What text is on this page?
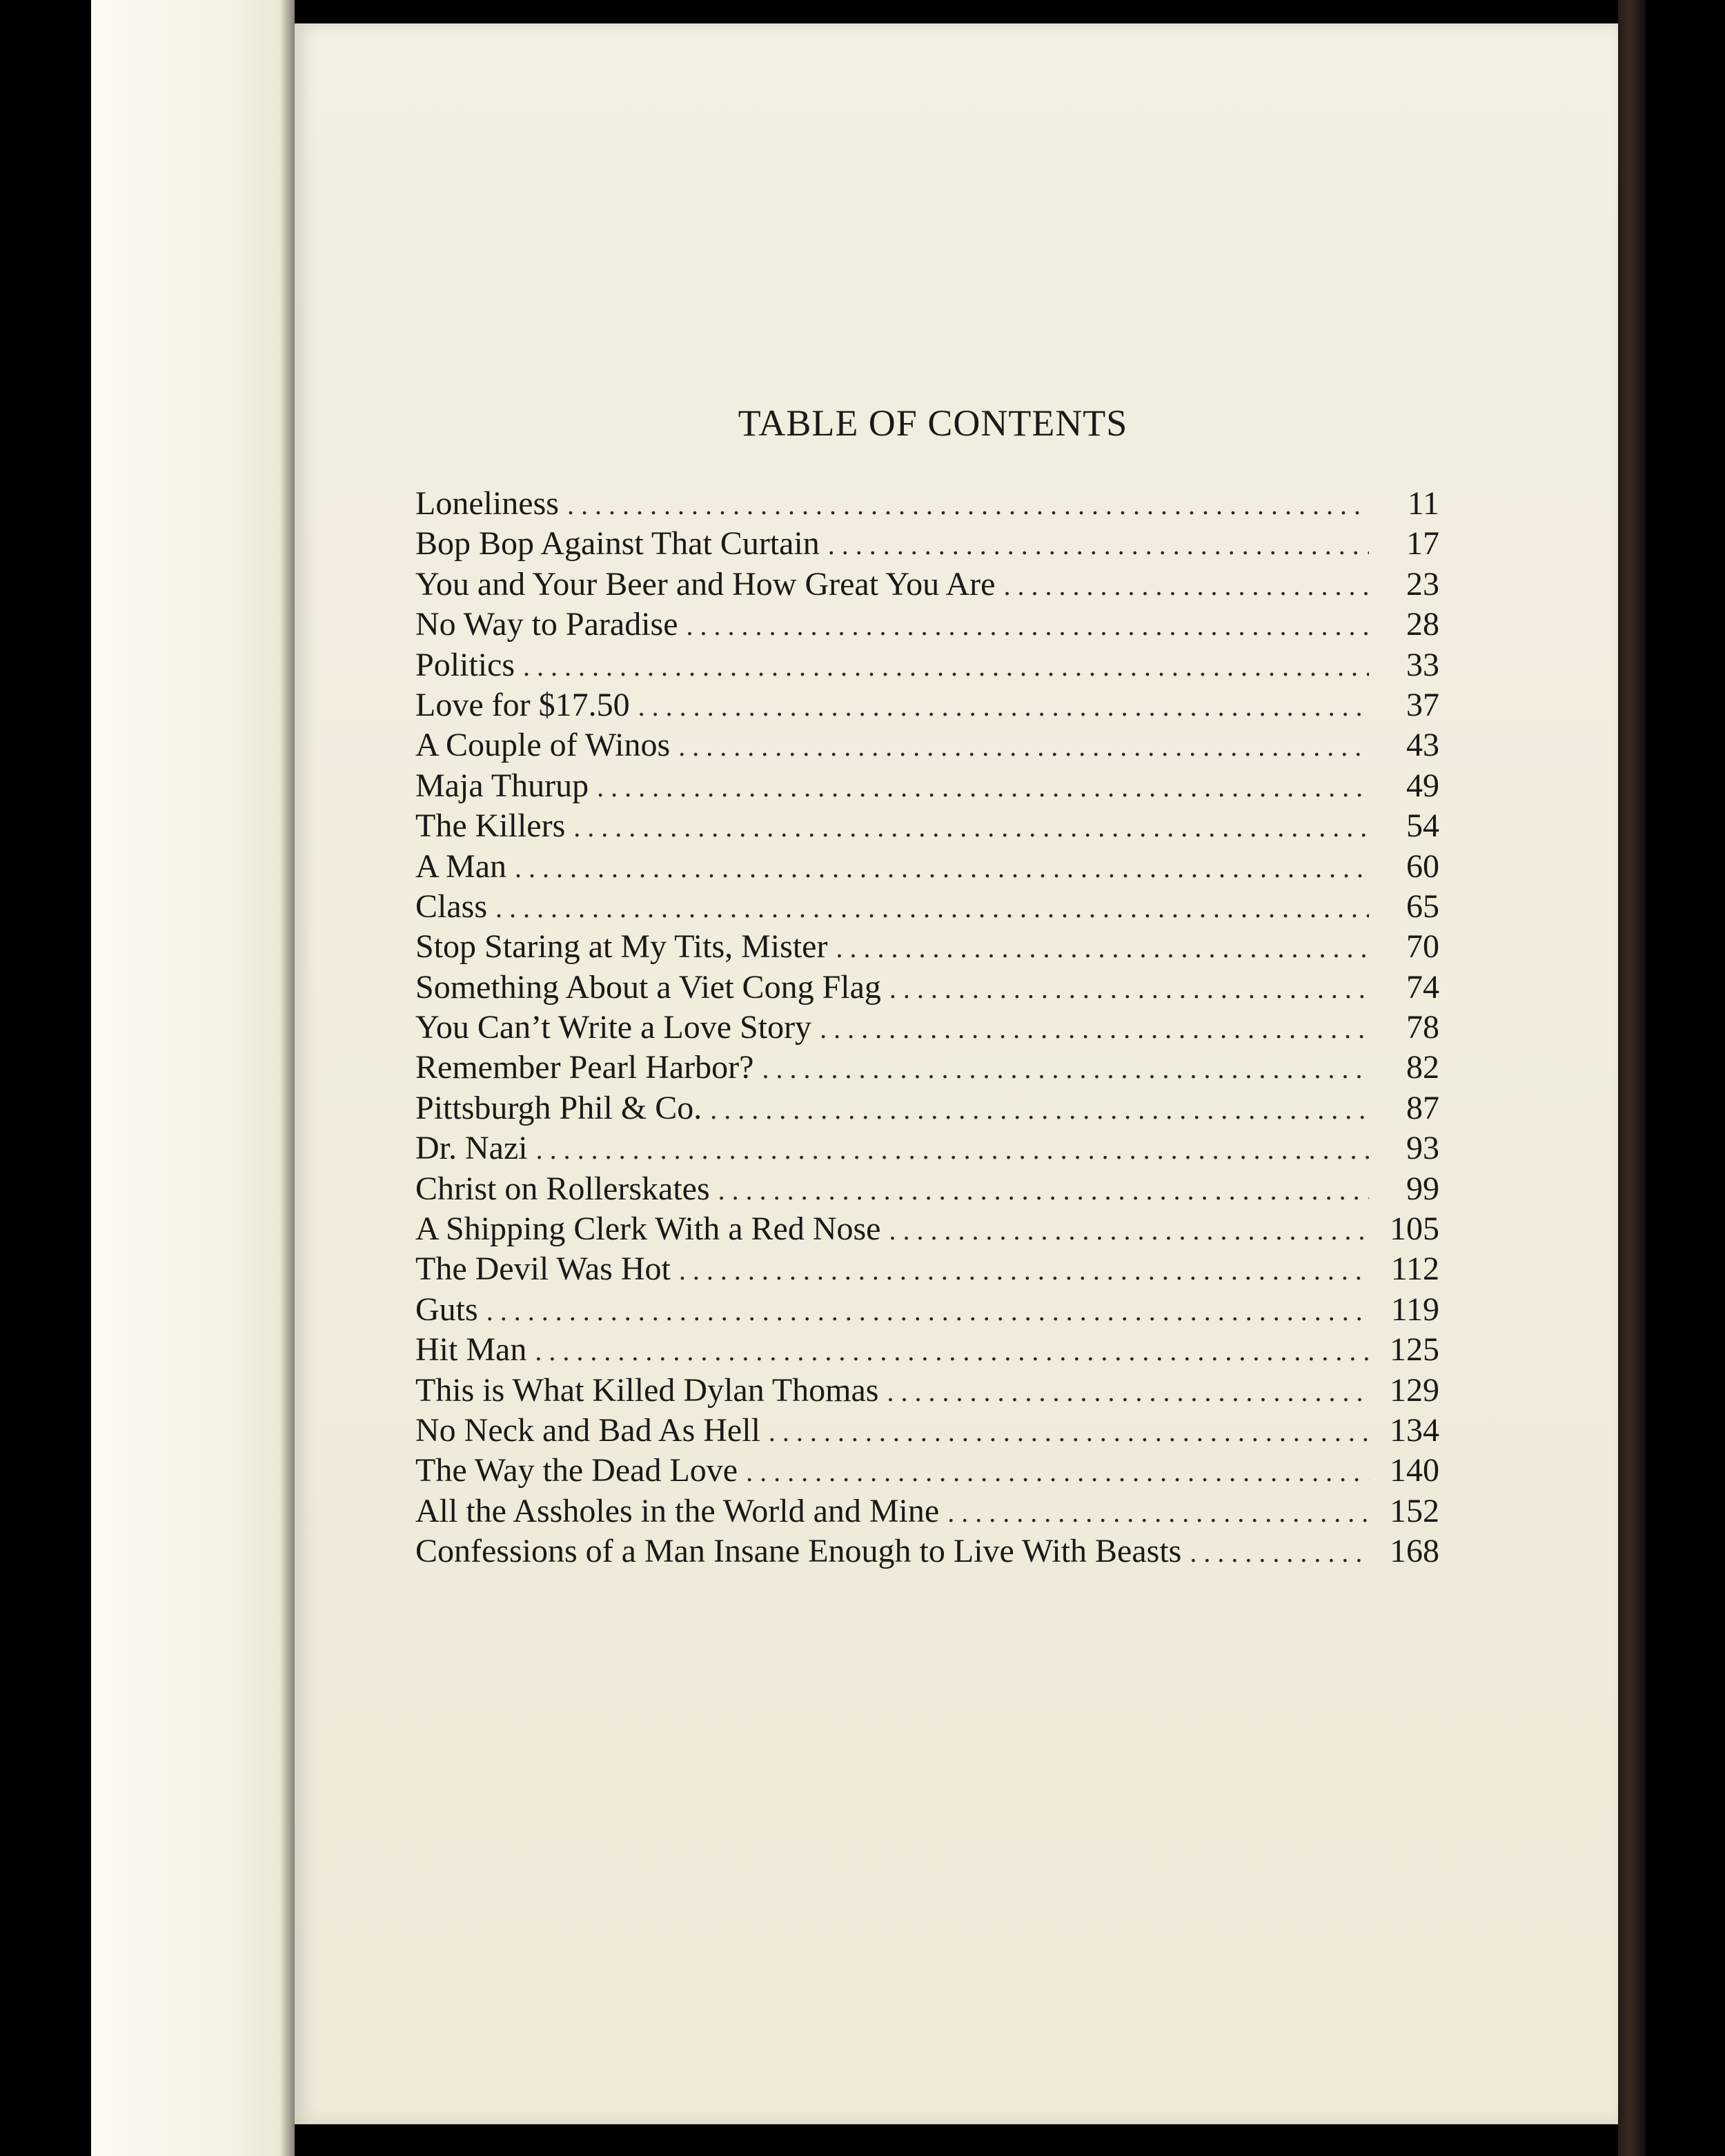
TABLE OF CONTENTS
Loneliness . . .	11
Bop Bop Against That Curtain . . .	17
You and Your Beer and How Great You Are . . .	23
No Way to Paradise . . .	28
Politics . . .	33
Love for $17.50 . . .	37
A Couple of Winos . . .	43
Maja Thurup . . .	49
The Killers . . .	54
A Man . . .	60
Class . . .	65
Stop Staring at My Tits, Mister . . .	70
Something About a Viet Cong Flag . . .	74
You Can’t Write a Love Story . . .	78
Remember Pearl Harbor? . . .	82
Pittsburgh Phil & Co. . . .	87
Dr. Nazi . . .	93
Christ on Rollerskates . . .	99
A Shipping Clerk With a Red Nose . . .	105
The Devil Was Hot . . .	112
Guts . . .	119
Hit Man . . .	125
This is What Killed Dylan Thomas . . .	129
No Neck and Bad As Hell . . .	134
The Way the Dead Love . . .	140
All the Assholes in the World and Mine . . .	152
Confessions of a Man Insane Enough to Live With Beasts . . .	168
